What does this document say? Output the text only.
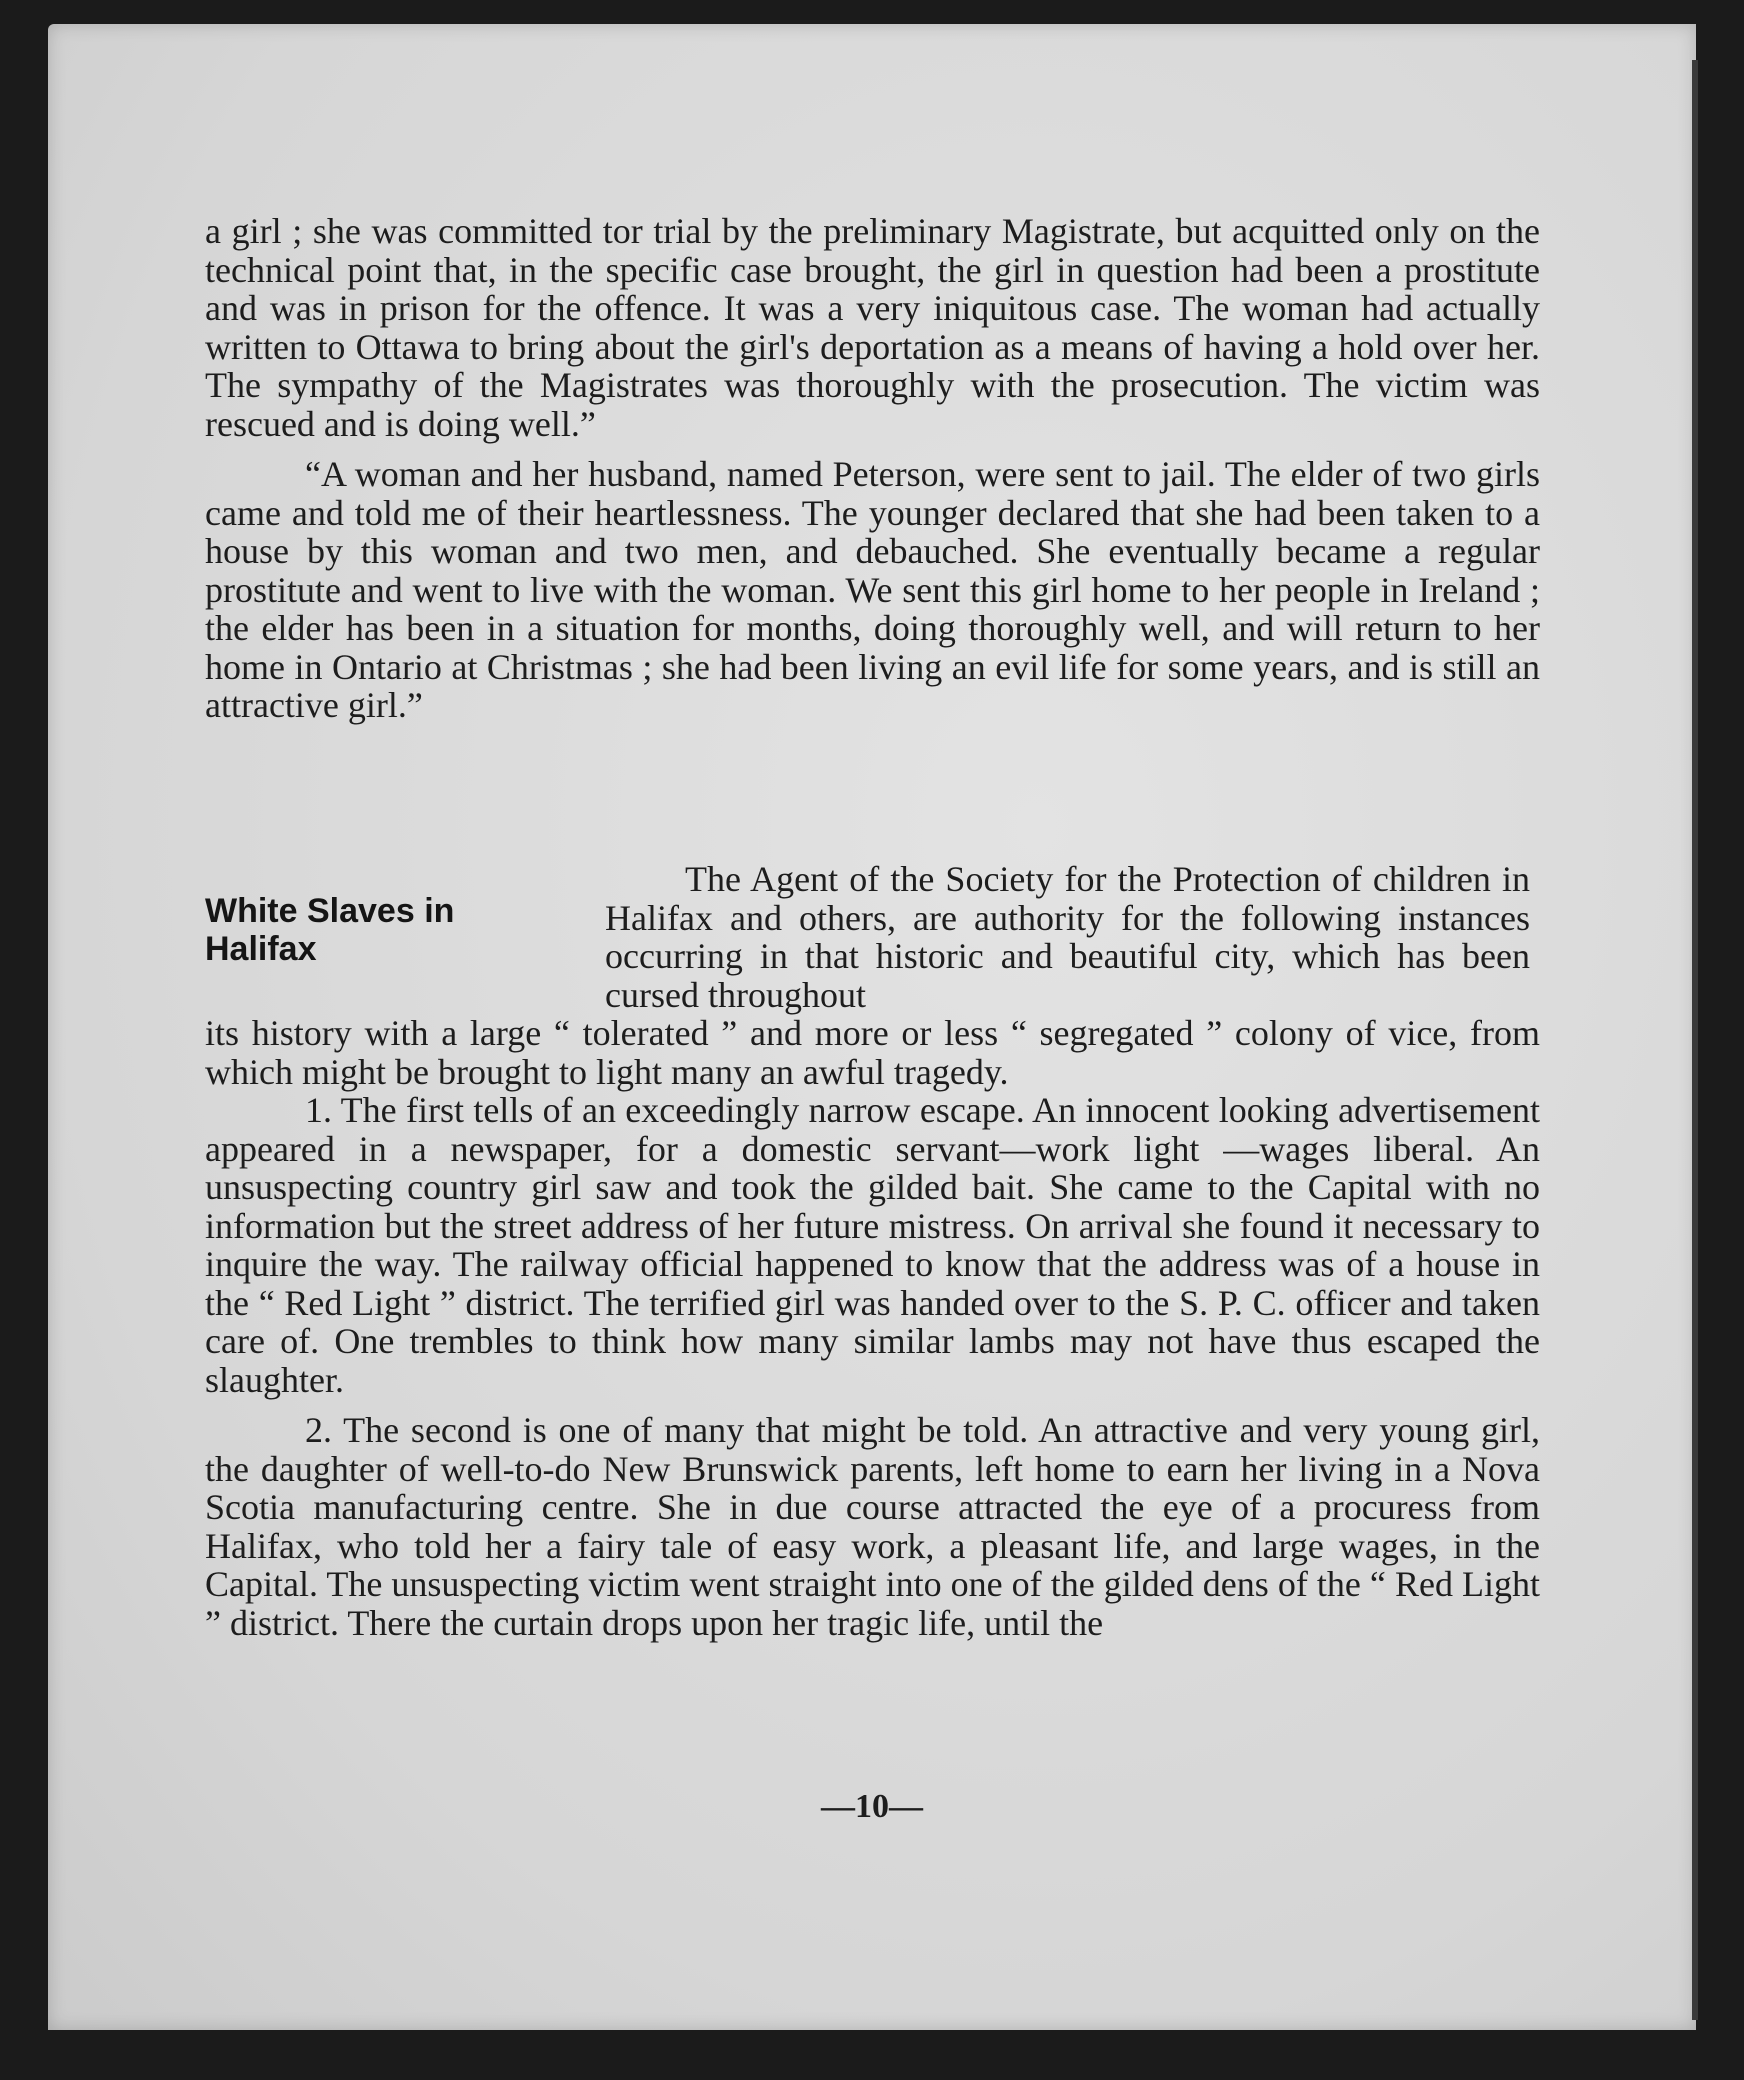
a girl ; she was committed tor trial by the preliminary Magistrate, but acquitted only on the technical point that, in the specific case brought, the girl in question had been a prostitute and was in prison for the offence. It was a very iniquitous case. The woman had actually written to Ottawa to bring about the girl's deportation as a means of having a hold over her. The sympathy of the Magistrates was thoroughly with the prosecution. The victim was rescued and is doing well.”

“A woman and her husband, named Peterson, were sent to jail. The elder of two girls came and told me of their heartlessness. The younger declared that she had been taken to a house by this woman and two men, and debauched. She eventually became a regular prostitute and went to live with the woman. We sent this girl home to her people in Ireland ; the elder has been in a situation for months, doing thoroughly well, and will return to her home in Ontario at Christmas ; she had been living an evil life for some years, and is still an attractive girl.”

White Slaves in Halifax

The Agent of the Society for the Protection of children in Halifax and others, are authority for the following instances occurring in that historic and beautiful city, which has been cursed throughout

its history with a large “ tolerated ” and more or less “ segregated ” colony of vice, from which might be brought to light many an awful tragedy.

1. The first tells of an exceedingly narrow escape. An innocent looking advertisement appeared in a newspaper, for a domestic servant—work light —wages liberal. An unsuspecting country girl saw and took the gilded bait. She came to the Capital with no information but the street address of her future mistress. On arrival she found it necessary to inquire the way. The railway official happened to know that the address was of a house in the “ Red Light ” district. The terrified girl was handed over to the S. P. C. officer and taken care of. One trembles to think how many similar lambs may not have thus escaped the slaughter.

2. The second is one of many that might be told. An attractive and very young girl, the daughter of well-to-do New Brunswick parents, left home to earn her living in a Nova Scotia manufacturing centre. She in due course attracted the eye of a procuress from Halifax, who told her a fairy tale of easy work, a pleasant life, and large wages, in the Capital. The unsuspecting victim went straight into one of the gilded dens of the “ Red Light ” district. There the curtain drops upon her tragic life, until the

—10—
